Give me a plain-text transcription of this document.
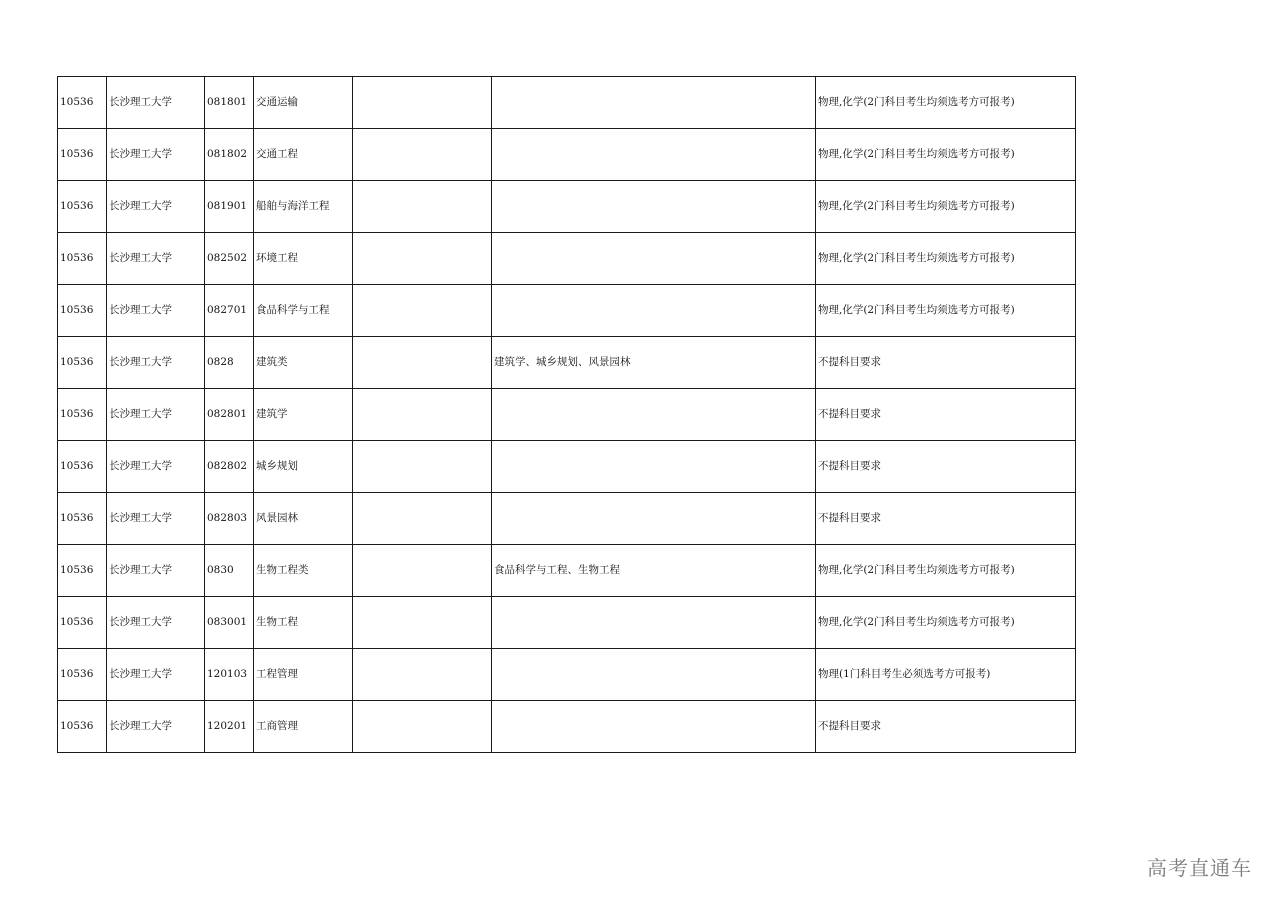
10536	长沙理工大学	081801	交通运输			物理,化学(2门科目考生均须选考方可报考)
10536	长沙理工大学	081802	交通工程			物理,化学(2门科目考生均须选考方可报考)
10536	长沙理工大学	081901	船舶与海洋工程			物理,化学(2门科目考生均须选考方可报考)
10536	长沙理工大学	082502	环境工程			物理,化学(2门科目考生均须选考方可报考)
10536	长沙理工大学	082701	食品科学与工程			物理,化学(2门科目考生均须选考方可报考)
10536	长沙理工大学	0828	建筑类		建筑学、城乡规划、风景园林	不提科目要求
10536	长沙理工大学	082801	建筑学			不提科目要求
10536	长沙理工大学	082802	城乡规划			不提科目要求
10536	长沙理工大学	082803	风景园林			不提科目要求
10536	长沙理工大学	0830	生物工程类		食品科学与工程、生物工程	物理,化学(2门科目考生均须选考方可报考)
10536	长沙理工大学	083001	生物工程			物理,化学(2门科目考生均须选考方可报考)
10536	长沙理工大学	120103	工程管理			物理(1门科目考生必须选考方可报考)
10536	长沙理工大学	120201	工商管理			不提科目要求
高考直通车
